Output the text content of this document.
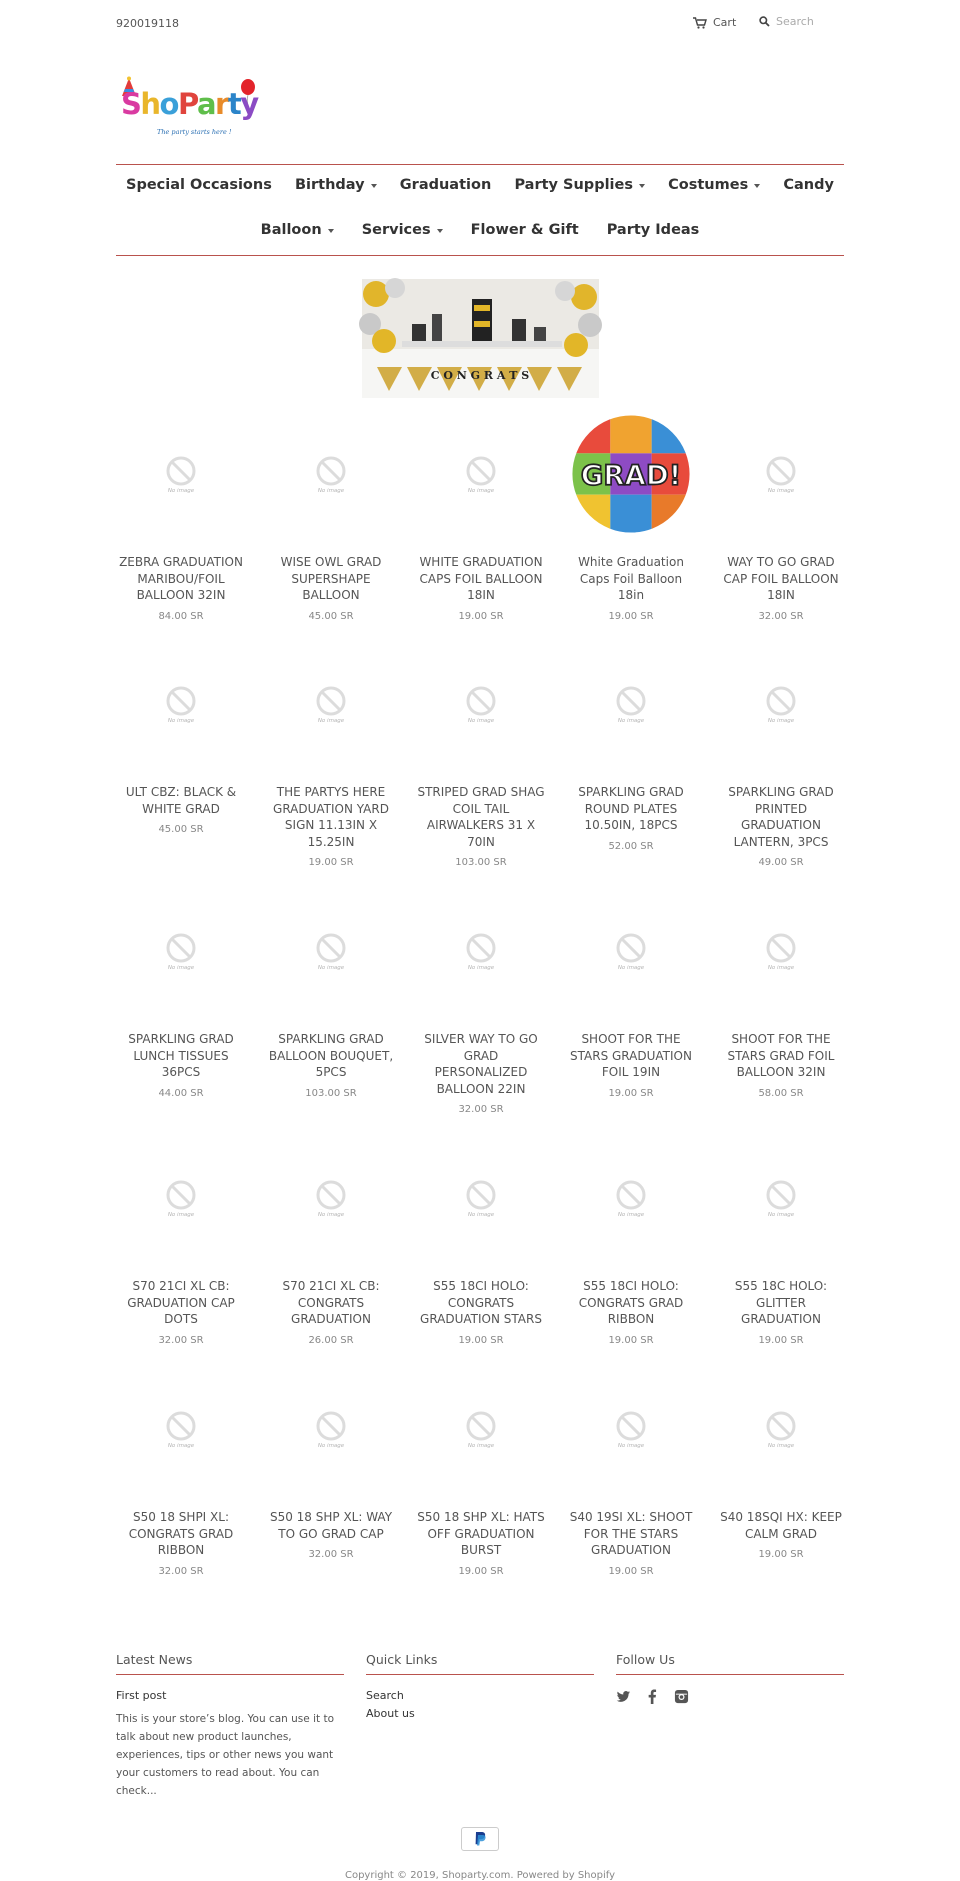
920019118	Cart
Search
ShoParty
The party starts here !
Special Occasions Birthday Graduation Party Supplies Costumes Candy
Balloon	Services	Flower & Gift Party Ideas
C O N G R A T S
No image
ZEBRA GRADUATION MARIBOU/FOIL BALLOON 32IN
84.00 SR
No image
WISE OWL GRAD SUPERSHAPE BALLOON
45.00 SR
No image
WHITE GRADUATION CAPS FOIL BALLOON 18IN
19.00 SR
GRAD!
White Graduation Caps Foil Balloon 18in
19.00 SR
No image
WAY TO GO GRAD CAP FOIL BALLOON 18IN
32.00 SR
No image
ULT CBZ: BLACK & WHITE GRAD
45.00 SR
No image
THE PARTYS HERE GRADUATION YARD SIGN 11.13IN X 15.25IN
19.00 SR
No image
STRIPED GRAD SHAG COIL TAIL AIRWALKERS 31 X 70IN
103.00 SR
No image
SPARKLING GRAD ROUND PLATES 10.50IN, 18PCS
52.00 SR
No image
SPARKLING GRAD PRINTED GRADUATION LANTERN, 3PCS
49.00 SR
No image
SPARKLING GRAD LUNCH TISSUES 36PCS
44.00 SR
No image
SPARKLING GRAD BALLOON BOUQUET, 5PCS
103.00 SR
No image
SILVER WAY TO GO GRAD PERSONALIZED BALLOON 22IN
32.00 SR
No image
SHOOT FOR THE STARS GRADUATION FOIL 19IN
19.00 SR
No image
SHOOT FOR THE STARS GRAD FOIL BALLOON 32IN
58.00 SR
No image
S70 21CI XL CB: GRADUATION CAP DOTS
32.00 SR
No image
S70 21CI XL CB: CONGRATS GRADUATION
26.00 SR
No image
S55 18CI HOLO: CONGRATS GRADUATION STARS
19.00 SR
No image
S55 18CI HOLO: CONGRATS GRAD RIBBON
19.00 SR
No image
S55 18C HOLO: GLITTER GRADUATION
19.00 SR
No image
S50 18 SHPI XL: CONGRATS GRAD RIBBON
32.00 SR
No image
S50 18 SHP XL: WAY TO GO GRAD CAP
32.00 SR
No image
S50 18 SHP XL: HATS OFF GRADUATION BURST
19.00 SR
No image
S40 19SI XL: SHOOT FOR THE STARS GRADUATION
19.00 SR
No image
S40 18SQI HX: KEEP CALM GRAD
19.00 SR
Latest News
First post

This is your store’s blog. You can use it to talk about new product launches, experiences, tips or other news you want your customers to read about. You can check...

Quick Links
Search
About us
Follow Us
Copyright © 2019, Shoparty.com. Powered by Shopify
